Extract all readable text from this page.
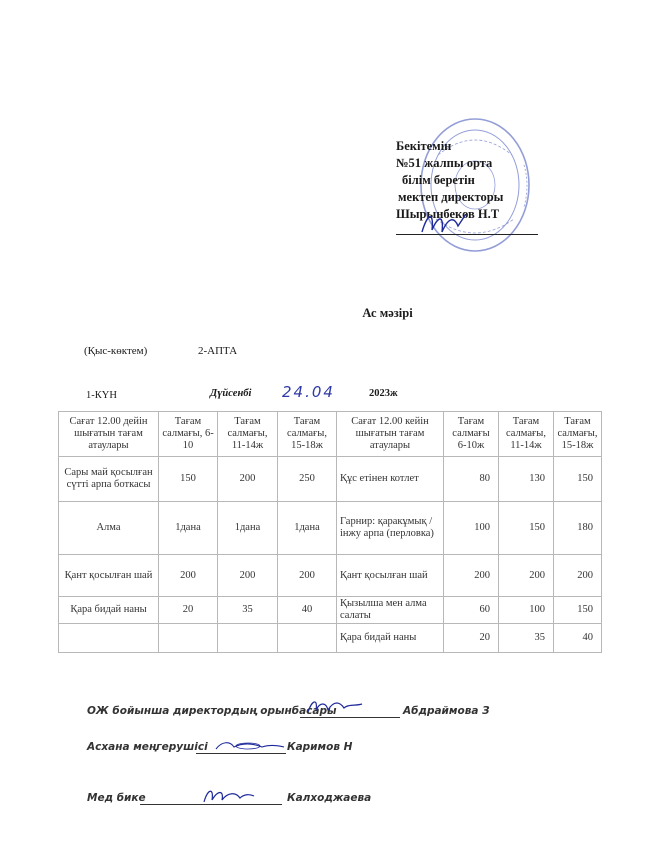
Бекітемін
№51 жалпы орта
білім беретін
мектеп директоры
Шырынбеков Н.Т
Ас мәзірі
(Қыс-көктем)	2-АПТА
1-КҮН	Дүйсенбі 24.04	2023ж
Сағат 12.00 дейін шығатын тағам атаулары	Тағам салмағы, 6-10	Тағам салмағы, 11-14ж	Тағам салмағы, 15-18ж	Сағат 12.00 кейін шығатын тағам атаулары	Тағам салмағы 6-10ж	Тағам салмағы, 11-14ж	Тағам салмағы, 15-18ж
Сары май қосылған сүтті арпа боткасы	150	200	250	Құс етінен котлет	80	130	150
Алма	1дана	1дана	1дана	Гарнир: қаракұмық / інжу арпа (перловка)	100	150	180
Қант қосылған шай	200	200	200	Қант қосылған шай	200	200	200
Қара бидай наны	20	35	40	Қызылша мен алма салаты	60	100	150
				Қара бидай наны	20	35	40
ОЖ бойынша директордың орынбасары	Абдраймова З
Асхана меңгерушісі	Каримов Н
Мед бике	Калходжаева
